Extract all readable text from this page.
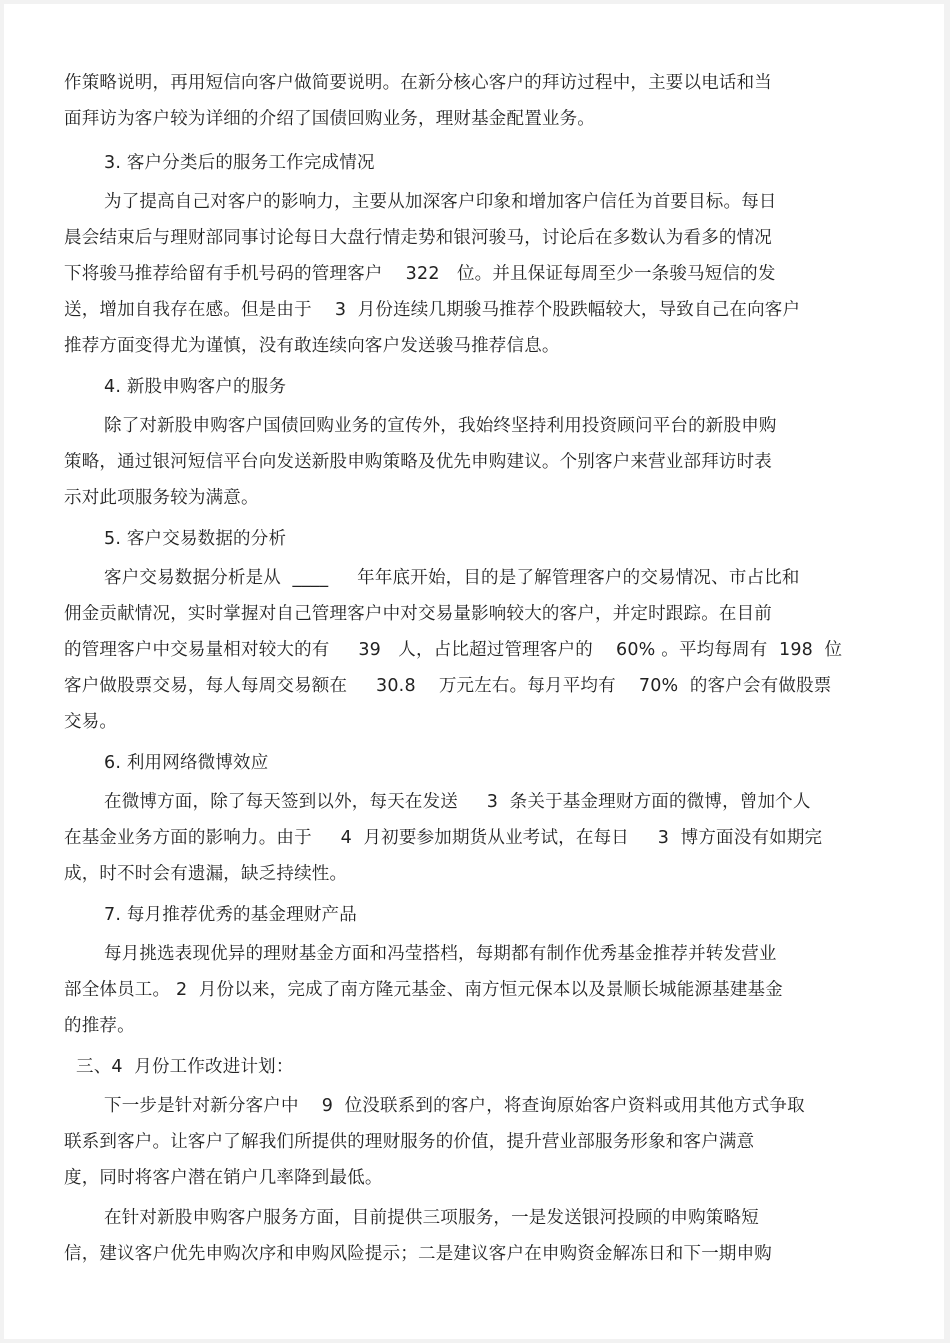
作策略说明，再用短信向客户做简要说明。在新分核心客户的拜访过程中，主要以电话和当
面拜访为客户较为详细的介绍了国债回购业务，理财基金配置业务。
3. 客户分类后的服务工作完成情况
为了提高自己对客户的影响力，主要从加深客户印象和增加客户信任为首要目标。每日
晨会结束后与理财部同事讨论每日大盘行情走势和银河骏马，讨论后在多数认为看多的情况
下将骏马推荐给留有手机号码的管理客户    322   位。并且保证每周至少一条骏马短信的发
送，增加自我存在感。但是由于    3  月份连续几期骏马推荐个股跌幅较大，导致自己在向客户
推荐方面变得尤为谨慎，没有敢连续向客户发送骏马推荐信息。
4. 新股申购客户的服务
除了对新股申购客户国债回购业务的宣传外，我始终坚持利用投资顾问平台的新股申购
策略，通过银河短信平台向发送新股申购策略及优先申购建议。个别客户来营业部拜访时表
示对此项服务较为满意。
5. 客户交易数据的分析
客户交易数据分析是从  ____     年年底开始，目的是了解管理客户的交易情况、市占比和
佣金贡献情况，实时掌握对自己管理客户中对交易量影响较大的客户，并定时跟踪。在目前
的管理客户中交易量相对较大的有     39   人，占比超过管理客户的    60% 。平均每周有  198  位
客户做股票交易，每人每周交易额在     30.8    万元左右。每月平均有    70%  的客户会有做股票
交易。
6. 利用网络微博效应
在微博方面，除了每天签到以外，每天在发送     3  条关于基金理财方面的微博，曾加个人
在基金业务方面的影响力。由于     4  月初要参加期货从业考试，在每日     3  博方面没有如期完
成，时不时会有遗漏，缺乏持续性。
7. 每月推荐优秀的基金理财产品
每月挑选表现优异的理财基金方面和冯莹搭档，每期都有制作优秀基金推荐并转发营业
部全体员工。 2  月份以来，完成了南方隆元基金、南方恒元保本以及景顺长城能源基建基金
的推荐。
三、4  月份工作改进计划：
下一步是针对新分客户中    9  位没联系到的客户，将查询原始客户资料或用其他方式争取
联系到客户。让客户了解我们所提供的理财服务的价值，提升营业部服务形象和客户满意
度，同时将客户潜在销户几率降到最低。
在针对新股申购客户服务方面，目前提供三项服务，一是发送银河投顾的申购策略短
信，建议客户优先申购次序和申购风险提示；二是建议客户在申购资金解冻日和下一期申购
